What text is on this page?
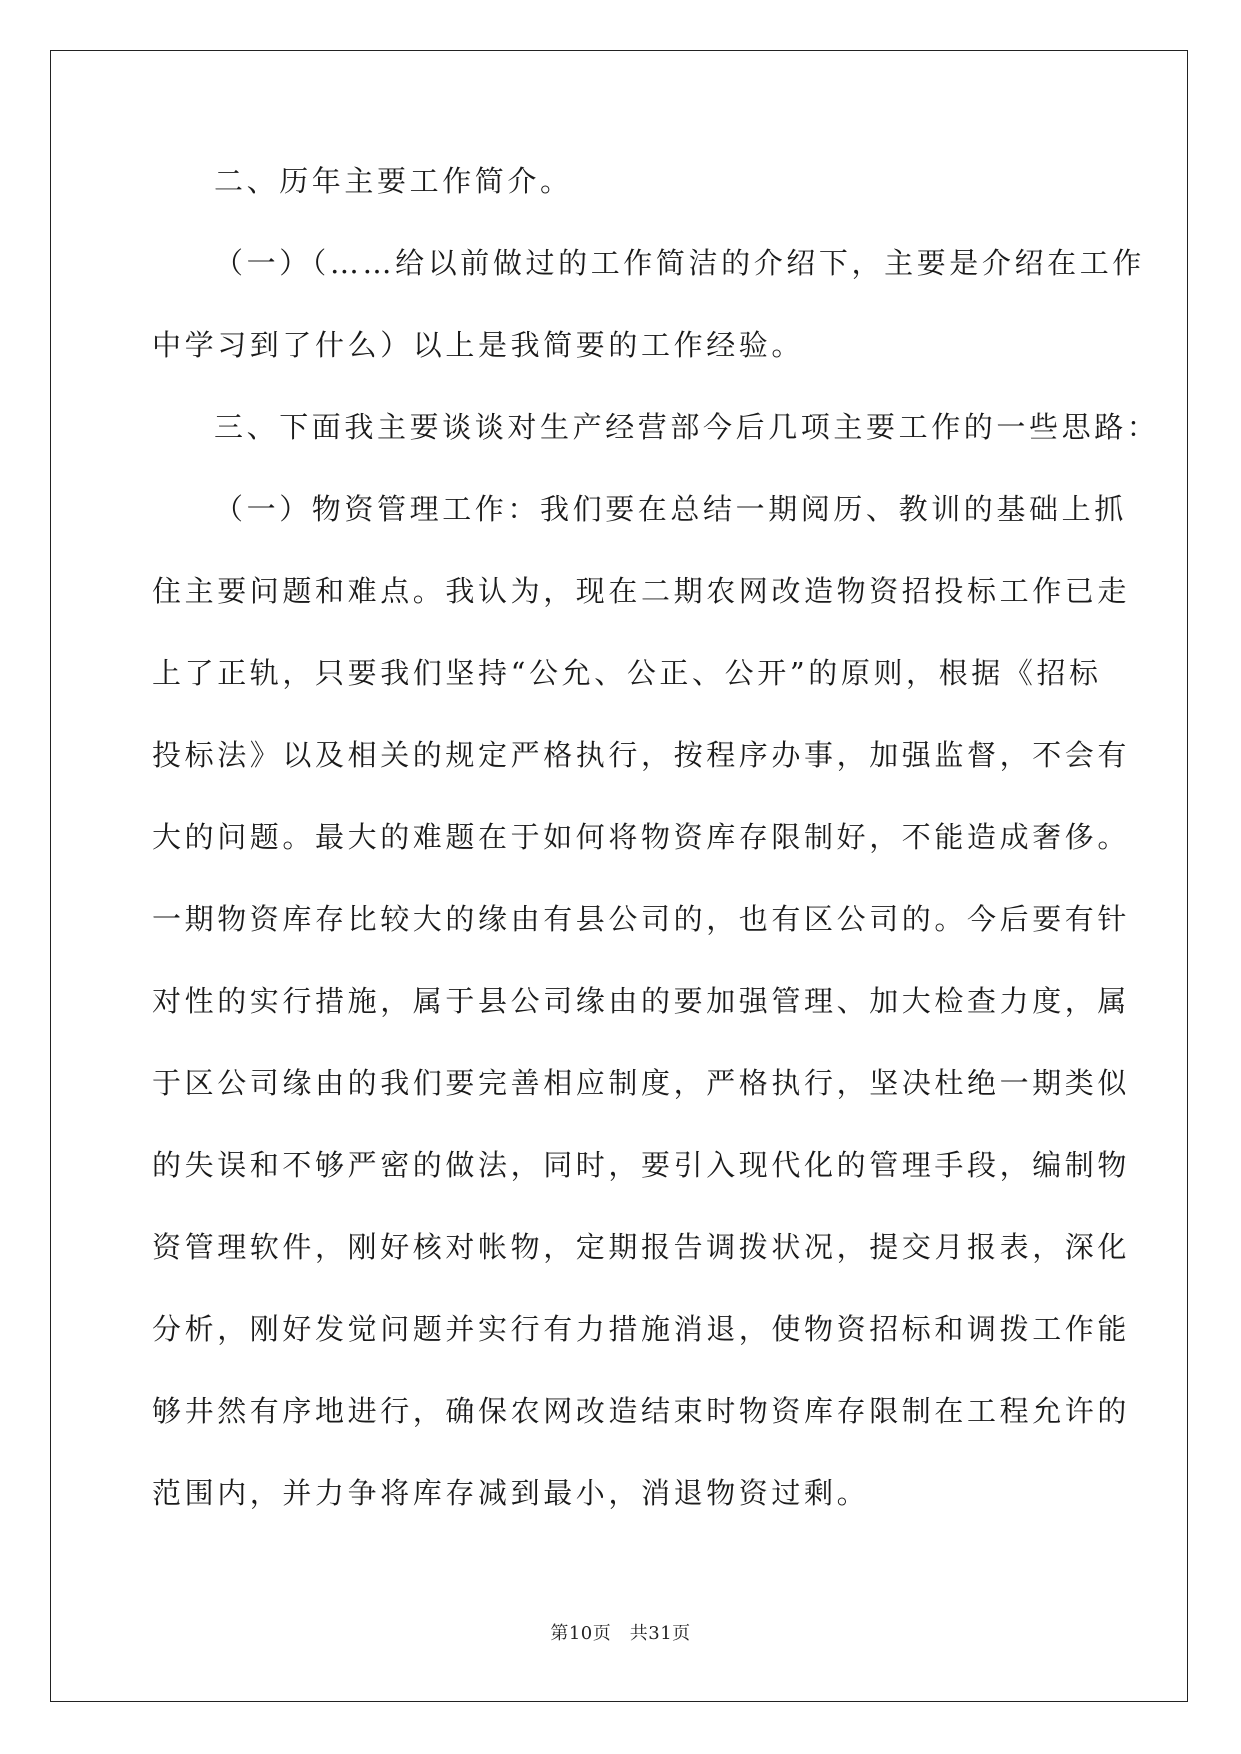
二、历年主要工作简介。
（一）（……给以前做过的工作简洁的介绍下，主要是介绍在工作
中学习到了什么）以上是我简要的工作经验。
三、下面我主要谈谈对生产经营部今后几项主要工作的一些思路：
（一）物资管理工作：我们要在总结一期阅历、教训的基础上抓
住主要问题和难点。我认为，现在二期农网改造物资招投标工作已走
上了正轨，只要我们坚持“公允、公正、公开”的原则，根据《招标
投标法》以及相关的规定严格执行，按程序办事，加强监督，不会有
大的问题。最大的难题在于如何将物资库存限制好，不能造成奢侈。
一期物资库存比较大的缘由有县公司的，也有区公司的。今后要有针
对性的实行措施，属于县公司缘由的要加强管理、加大检查力度，属
于区公司缘由的我们要完善相应制度，严格执行，坚决杜绝一期类似
的失误和不够严密的做法，同时，要引入现代化的管理手段，编制物
资管理软件，刚好核对帐物，定期报告调拨状况，提交月报表，深化
分析，刚好发觉问题并实行有力措施消退，使物资招标和调拨工作能
够井然有序地进行，确保农网改造结束时物资库存限制在工程允许的
范围内，并力争将库存减到最小，消退物资过剩。
第10页　共31页
